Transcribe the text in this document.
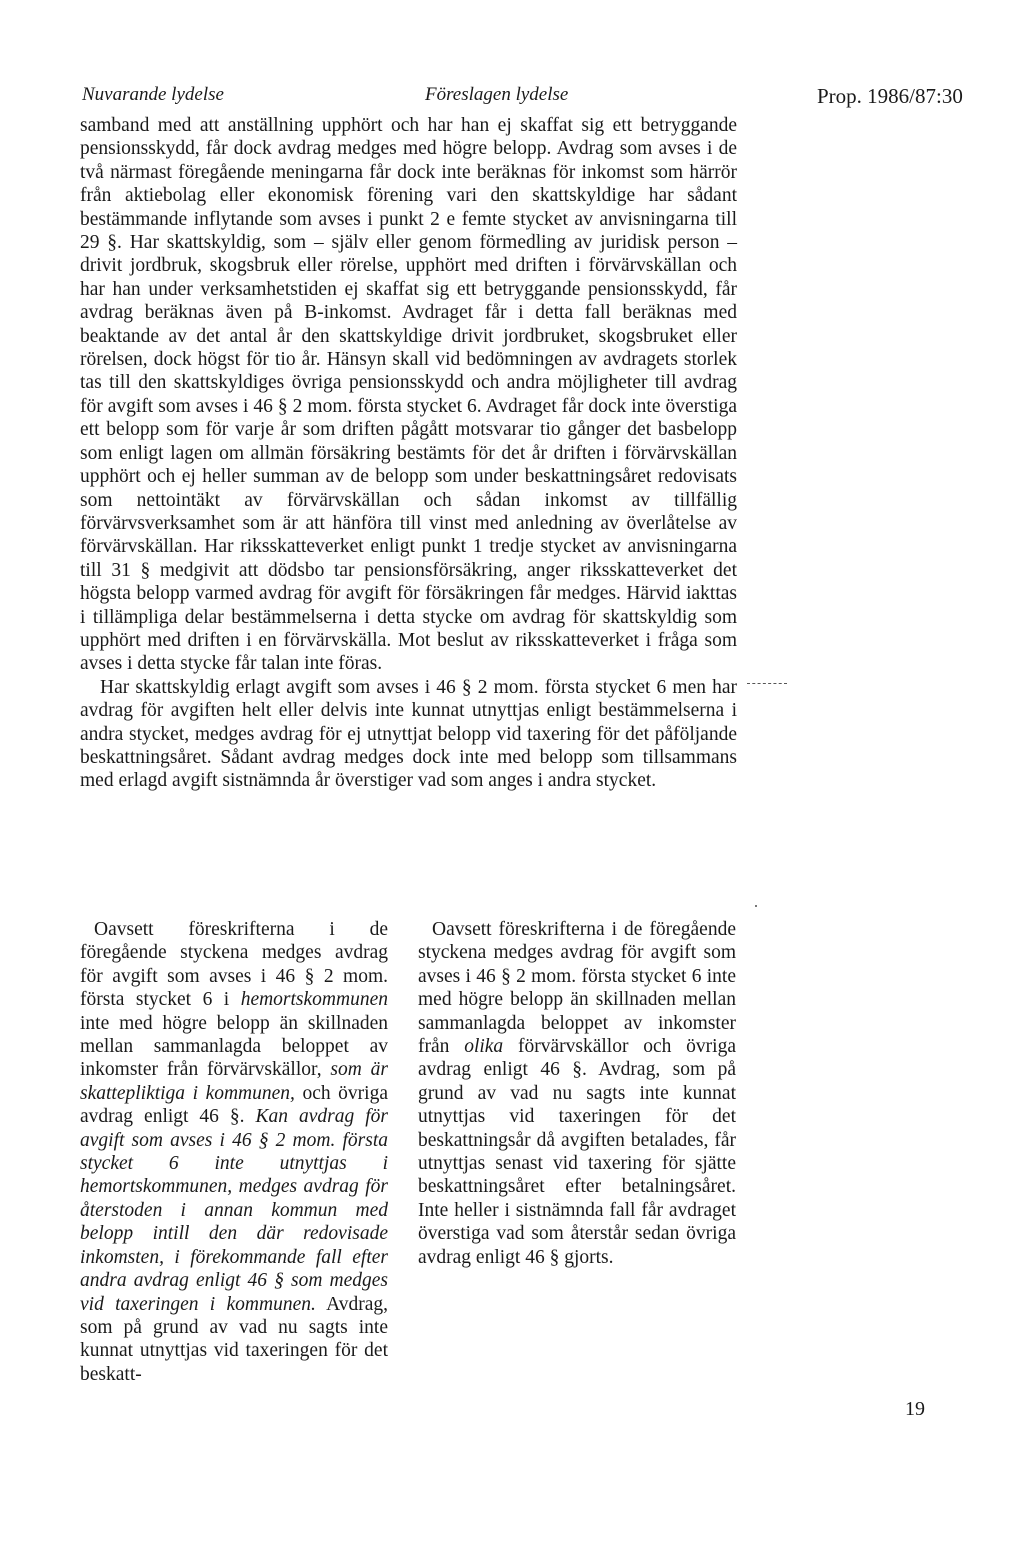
Nuvarande lydelse	Föreslagen lydelse	Prop. 1986/87:30

samband med att anställning upphört och har han ej skaffat sig ett betryggande pensionsskydd, får dock avdrag medges med högre belopp. Avdrag som avses i de två närmast föregående meningarna får dock inte beräknas för inkomst som härrör från aktiebolag eller ekonomisk förening vari den skattskyldige har sådant bestämmande inflytande som avses i punkt 2 e femte stycket av anvisningarna till 29 §. Har skattskyldig, som – själv eller genom förmedling av juridisk person – drivit jordbruk, skogsbruk eller rörelse, upphört med driften i förvärvskällan och har han under verksamhetstiden ej skaffat sig ett betryggande pensionsskydd, får avdrag beräknas även på B-inkomst. Avdraget får i detta fall beräknas med beaktande av det antal år den skattskyldige drivit jordbruket, skogsbruket eller rörelsen, dock högst för tio år. Hänsyn skall vid bedömningen av avdragets storlek tas till den skattskyldiges övriga pensionsskydd och andra möjligheter till avdrag för avgift som avses i 46 § 2 mom. första stycket 6. Avdraget får dock inte överstiga ett belopp som för varje år som driften pågått motsvarar tio gånger det basbelopp som enligt lagen om allmän försäkring bestämts för det år driften i förvärvskällan upphört och ej heller summan av de belopp som under beskattningsåret redovisats som nettointäkt av förvärvskällan och sådan inkomst av tillfällig förvärvsverksamhet som är att hänföra till vinst med anledning av överlåtelse av förvärvskällan. Har riksskatteverket enligt punkt 1 tredje stycket av anvisningarna till 31 § medgivit att dödsbo tar pensionsförsäkring, anger riksskatteverket det högsta belopp varmed avdrag för avgift för försäkringen får medges. Härvid iakttas i tillämpliga delar bestämmelserna i detta stycke om avdrag för skattskyldig som upphört med driften i en förvärvskälla. Mot beslut av riksskatteverket i fråga som avses i detta stycke får talan inte föras.

Har skattskyldig erlagt avgift som avses i 46 § 2 mom. första stycket 6 men har avdrag för avgiften helt eller delvis inte kunnat utnyttjas enligt bestämmelserna i andra stycket, medges avdrag för ej utnyttjat belopp vid taxering för det påföljande beskattningsåret. Sådant avdrag medges dock inte med belopp som tillsammans med erlagd avgift sistnämnda år överstiger vad som anges i andra stycket.

Oavsett föreskrifterna i de föregående styckena medges avdrag för avgift som avses i 46 § 2 mom. första stycket 6 i hemortskommunen inte med högre belopp än skillnaden mellan sammanlagda beloppet av inkomster från förvärvskällor, som är skattepliktiga i kommunen, och övriga avdrag enligt 46 §. Kan avdrag för avgift som avses i 46 § 2 mom. första stycket 6 inte utnyttjas i hemortskommunen, medges avdrag för återstoden i annan kommun med belopp intill den där redovisade inkomsten, i förekommande fall efter andra avdrag enligt 46 § som medges vid taxeringen i kommunen. Avdrag, som på grund av vad nu sagts inte kunnat utnyttjas vid taxeringen för det beskatt-

Oavsett föreskrifterna i de föregående styckena medges avdrag för avgift som avses i 46 § 2 mom. första stycket 6 inte med högre belopp än skillnaden mellan sammanlagda beloppet av inkomster från olika förvärvskällor och övriga avdrag enligt 46 §. Avdrag, som på grund av vad nu sagts inte kunnat utnyttjas vid taxeringen för det beskattningsår då avgiften betalades, får utnyttjas senast vid taxering för sjätte beskattningsåret efter betalningsåret. Inte heller i sistnämnda fall får avdraget överstiga vad som återstår sedan övriga avdrag enligt 46 § gjorts.

19
